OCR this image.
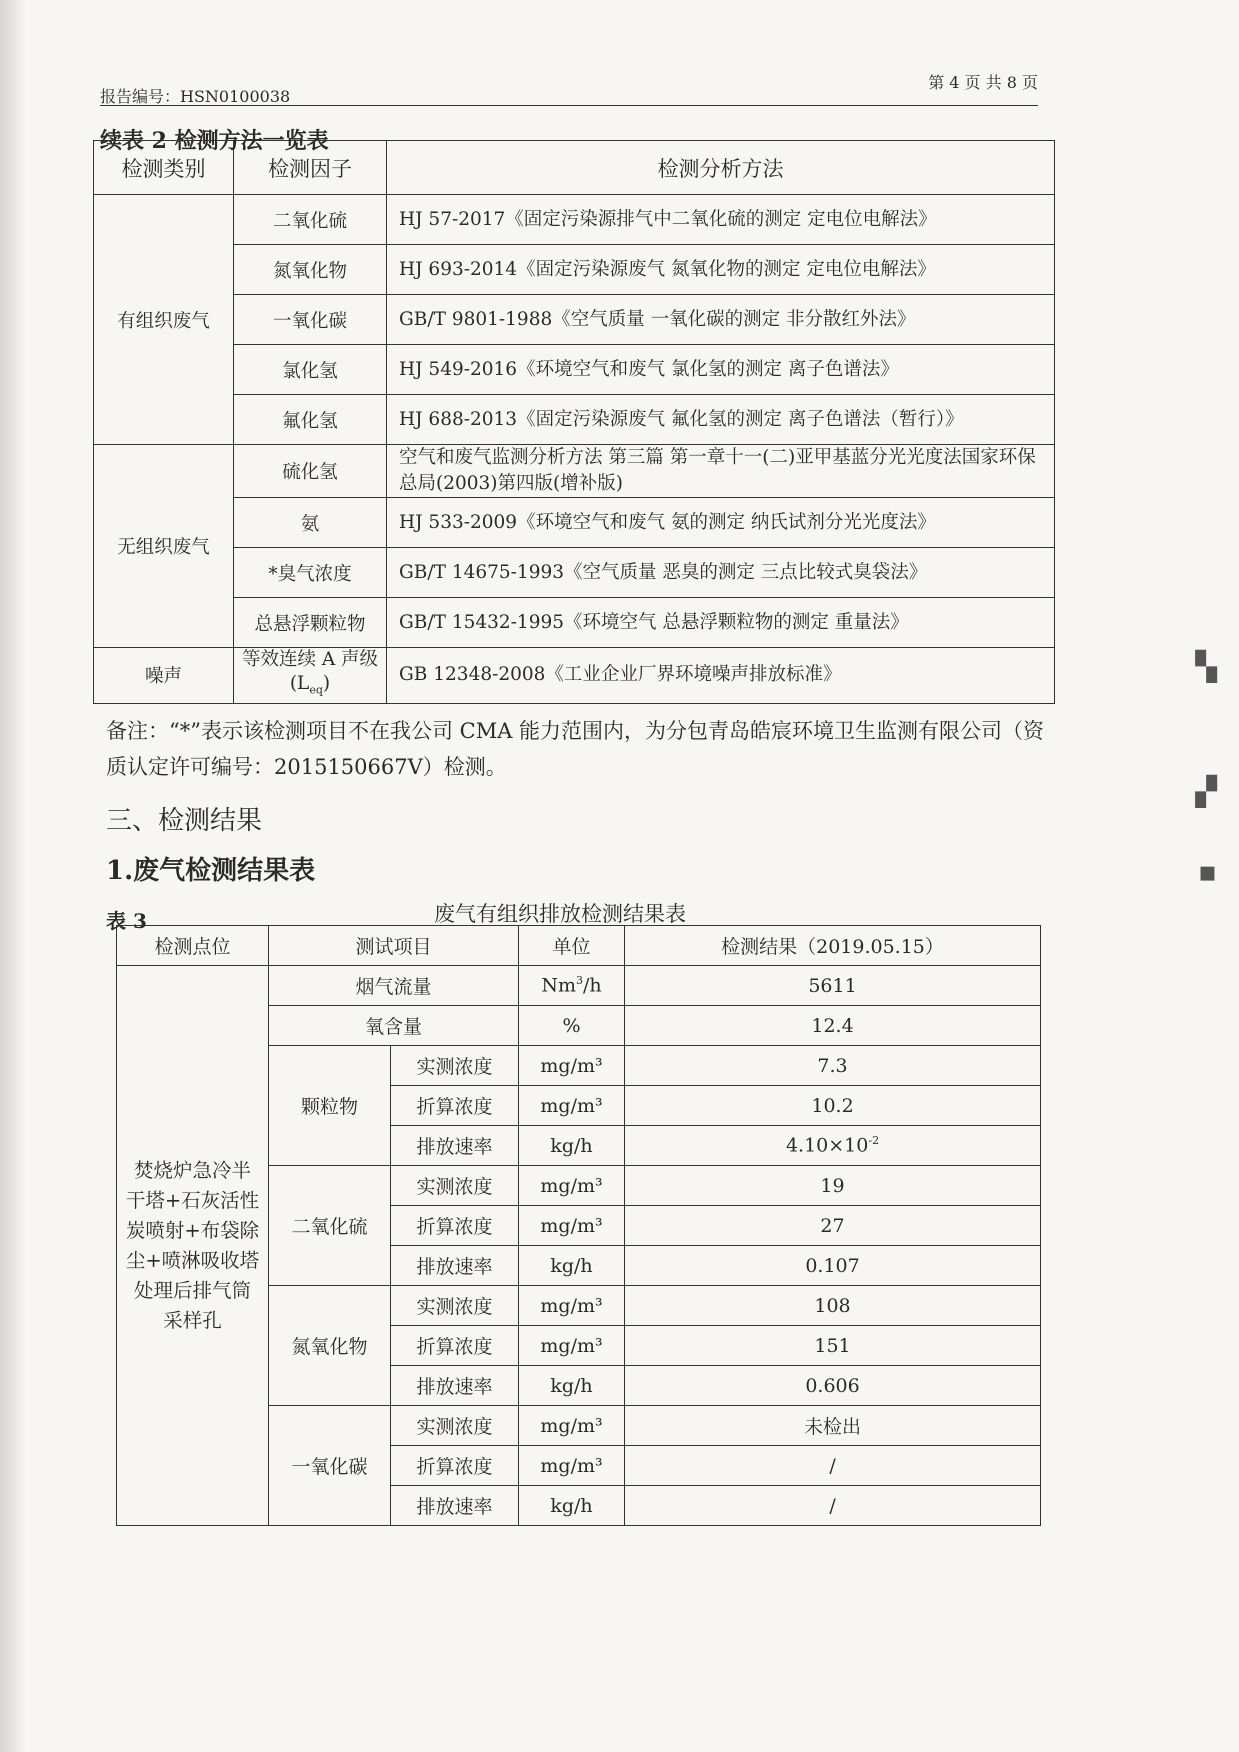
报告编号：HSN0100038
第 4 页 共 8 页
续表 2 检测方法一览表
检测类别	检测因子	检测分析方法
有组织废气	二氧化硫	HJ 57-2017《固定污染源排气中二氧化硫的测定 定电位电解法》
	氮氧化物	HJ 693-2014《固定污染源废气 氮氧化物的测定 定电位电解法》
	一氧化碳	GB/T 9801-1988《空气质量 一氧化碳的测定 非分散红外法》
	氯化氢	HJ 549-2016《环境空气和废气 氯化氢的测定 离子色谱法》
	氟化氢	HJ 688-2013《固定污染源废气 氟化氢的测定 离子色谱法（暂行）》
无组织废气	硫化氢	空气和废气监测分析方法 第三篇 第一章十一(二)亚甲基蓝分光光度法国家环保总局(2003)第四版(增补版)
	氨	HJ 533-2009《环境空气和废气 氨的测定 纳氏试剂分光光度法》
	*臭气浓度	GB/T 14675-1993《空气质量 恶臭的测定 三点比较式臭袋法》
	总悬浮颗粒物	GB/T 15432-1995《环境空气 总悬浮颗粒物的测定 重量法》
噪声	等效连续 A 声级$(L_{eq})$	GB 12348-2008《工业企业厂界环境噪声排放标准》
备注：“*”表示该检测项目不在我公司 CMA 能力范围内，为分包青岛皓宸环境卫生监测有限公司（资质认定许可编号：2015150667V）检测。
三、检测结果
1.废气检测结果表
表 3	废气有组织排放检测结果表
检测点位	测试项目		单位	检测结果（2019.05.15）
焚烧炉急冷半干塔+石灰活性炭喷射+布袋除尘+喷淋吸收塔处理后排气筒采样孔	烟气流量		Nm$^3$/h	5611
	氧含量		%	12.4
	颗粒物	实测浓度	mg/m³	7.3
		折算浓度	mg/m³	10.2
		排放速率	kg/h	$4.10\times 10^{-2}$
	二氧化硫	实测浓度	mg/m³	19
		折算浓度	mg/m³	27
		排放速率	kg/h	0.107
	氮氧化物	实测浓度	mg/m³	108
		折算浓度	mg/m³	151
		排放速率	kg/h	0.606
	一氧化碳	实测浓度	mg/m³	未检出
		折算浓度	mg/m³	/
		排放速率	kg/h	/
▚
▞
▪
